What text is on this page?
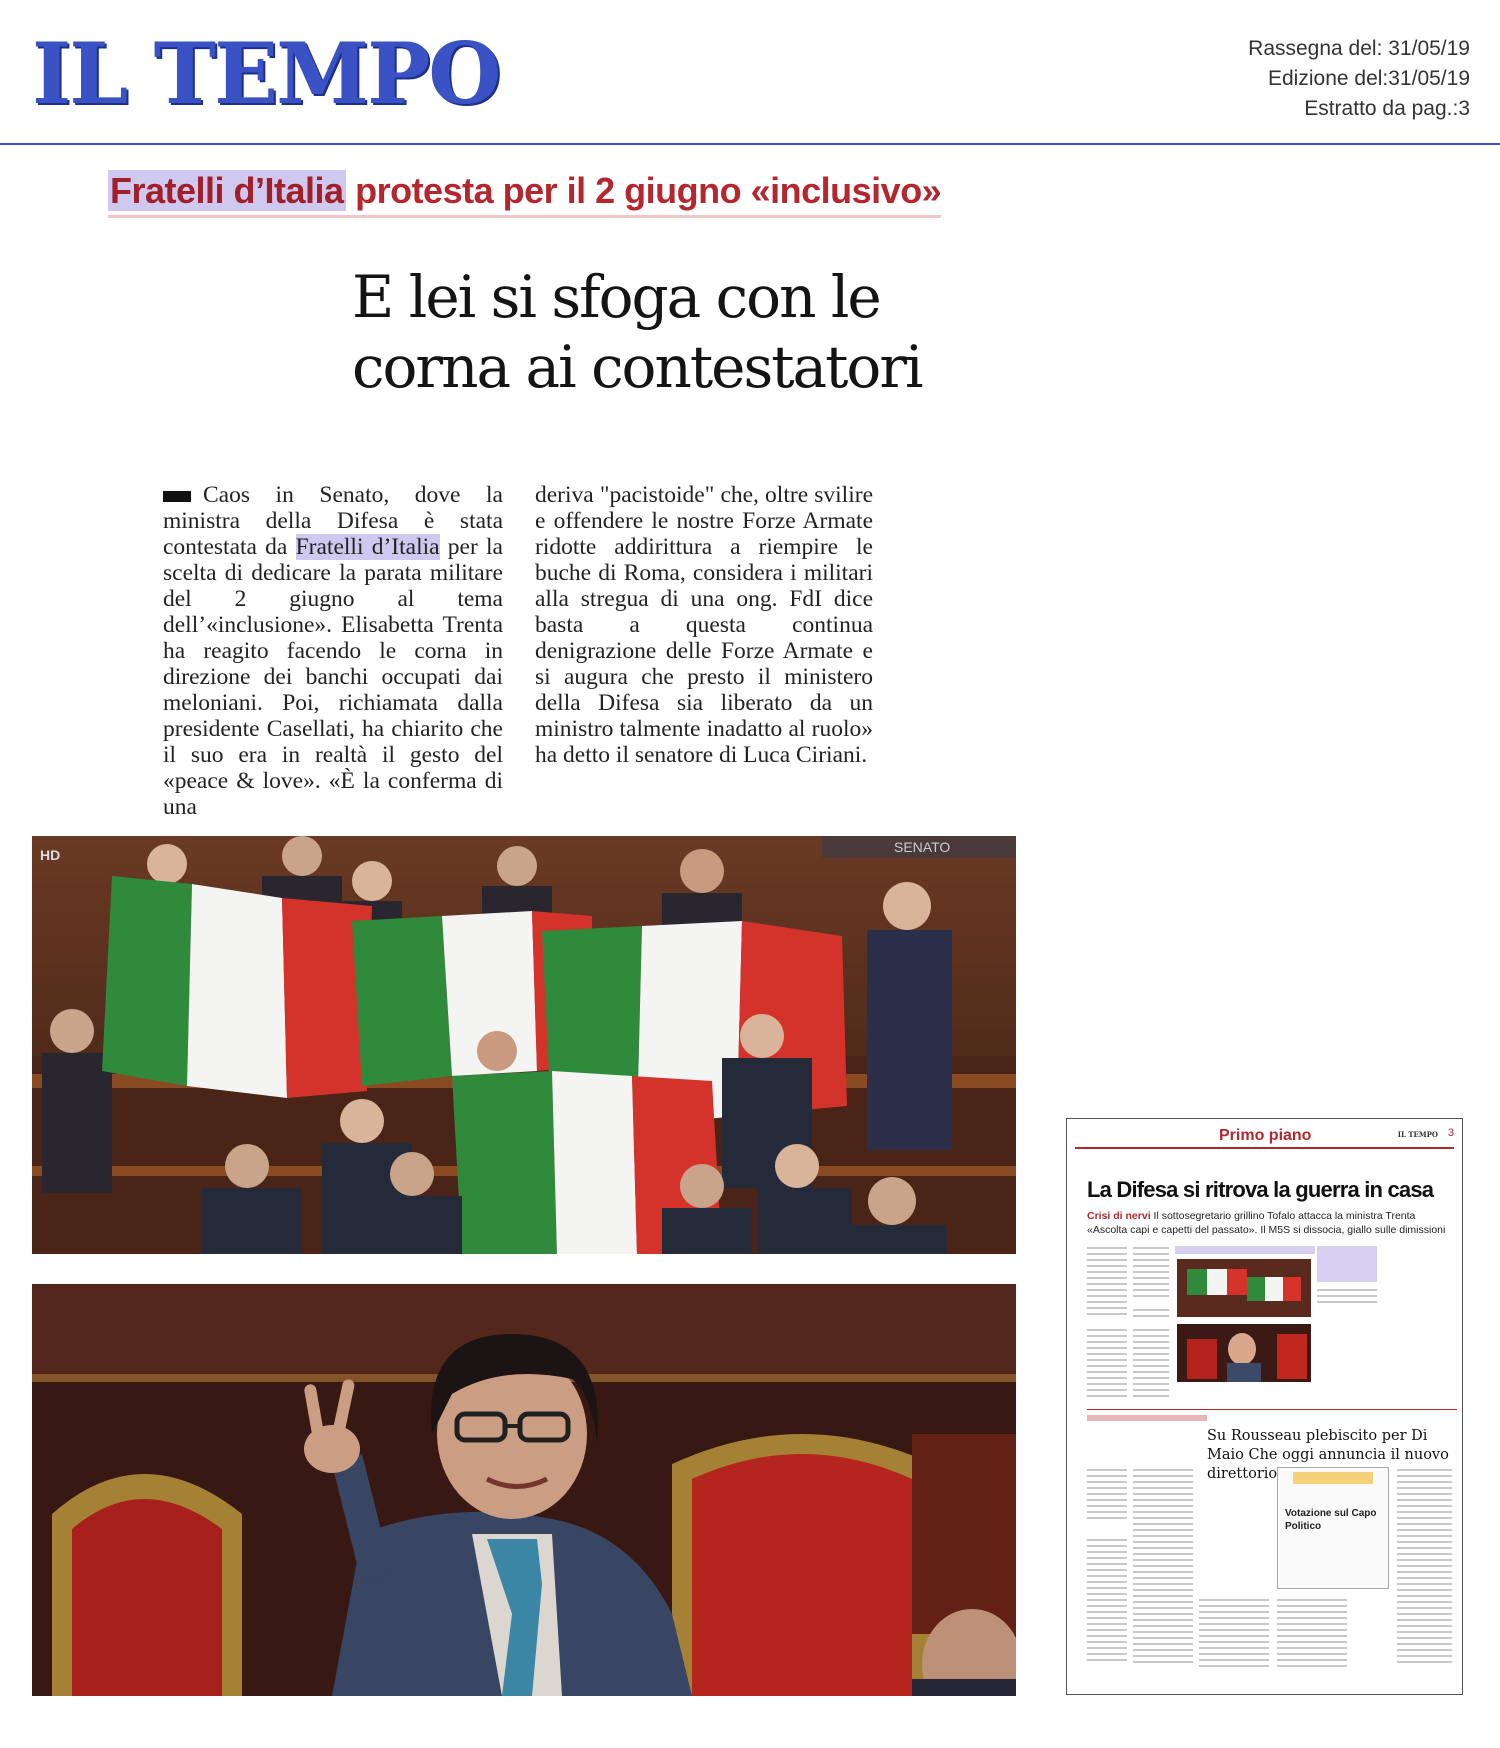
IL TEMPO	Rassegna del: 31/05/19
Edizione del:31/05/19
Estratto da pag.:3
Fratelli d’Italia protesta per il 2 giugno «inclusivo»
E lei si sfoga con le corna ai contestatori

Caos in Senato, dove la ministra della Difesa è stata contestata da Fratelli d’Italia per la scelta di dedicare la parata militare del 2 giugno al tema dell’«inclusione». Elisabetta Trenta ha reagito facendo le corna in direzione dei banchi occupati dai meloniani. Poi, richiamata dalla presidente Casellati, ha chiarito che il suo era in realtà il gesto del «peace & love». «È la conferma di una

deriva "pacistoide" che, oltre svilire e offendere le nostre Forze Armate ridotte addirittura a riempire le buche di Roma, considera i militari alla stregua di una ong. FdI dice basta a questa continua denigrazione delle Forze Armate e si augura che presto il ministero della Difesa sia liberato da un ministro talmente inadatto al ruolo» ha detto il senatore di Luca Ciriani.

SENATO
HD
Primo piano	IL TEMPO 3
La Difesa si ritrova la guerra in casa
Crisi di nervi Il sottosegretario grillino Tofalo attacca la ministra Trenta «Ascolta capi e capetti del passato». Il M5S si dissocia, giallo sulle dimissioni
Su Rousseau plebiscito per Di Maio Che oggi annuncia il nuovo direttorio
Votazione sul Capo Politico
